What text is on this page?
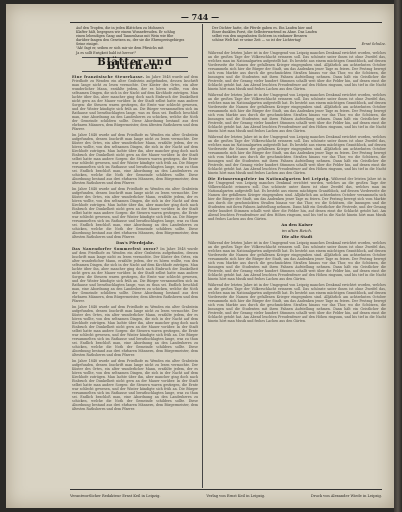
— 744 —
Auf den Tropfen, die in jeden Blättchen zu Mohnen's
Klafter hält, begegnen wir einem Wonnefreuden. Er schlug
einen lebendigen Gang und Tannenhaus mit Wein wie fibe
darüber fangen den Gesetzen zu, der sie die Ehrenpreisgebirges
Seine einigst.
"Ah! fagt er, seiben er sich mir sie dem Pfirsichs mit
Ja es sollt Ewigkeit bald ist hervor!"
Blätter und Blüthen.

Eine französische Steuerkasse. Im Jahre 1848 wurde auf dem Friedhofe zu Wenden ein alter Grabstein aufgefunden, dessen Inschrift man lange nicht zu lesen vermochte. Der Küster des Ortes, ein alter wunderlicher Mann, erzählte jedem, der es hören wollte, von den seltsamen Dingen, die sich in der Nacht auf dem Kirchhofe zutrügen. Man lachte über ihn, aber mancher ging doch nach Einbruch der Dunkelheit nicht gern an der Mauer vorüber. In der Stadt selbst hatte man andere Sorgen: die Steuern waren gestiegen, die Ernte war schlecht gewesen, und der Winter kündigte sich früh an. Die Bürger versammelten sich im Rathause und berathschlagten lange, was zu thun sei. Endlich beschloß man, eine Abordnung an den Landesherrn zu schicken, welche die Noth der Gemeinde schildern sollte. Diese Abordnung bestand aus drei ehrbaren Männern, dem Bürgermeister, dem ältesten Rathsherrn und dem Pfarrer.

Im Jahre 1848 wurde auf dem Friedhofe zu Wenden ein alter Grabstein aufgefunden, dessen Inschrift man lange nicht zu lesen vermochte. Der Küster des Ortes, ein alter wunderlicher Mann, erzählte jedem, der es hören wollte, von den seltsamen Dingen, die sich in der Nacht auf dem Kirchhofe zutrügen. Man lachte über ihn, aber mancher ging doch nach Einbruch der Dunkelheit nicht gern an der Mauer vorüber. In der Stadt selbst hatte man andere Sorgen: die Steuern waren gestiegen, die Ernte war schlecht gewesen, und der Winter kündigte sich früh an. Die Bürger versammelten sich im Rathause und berathschlagten lange, was zu thun sei. Endlich beschloß man, eine Abordnung an den Landesherrn zu schicken, welche die Noth der Gemeinde schildern sollte. Diese Abordnung bestand aus drei ehrbaren Männern, dem Bürgermeister, dem ältesten Rathsherrn und dem Pfarrer.

Im Jahre 1848 wurde auf dem Friedhofe zu Wenden ein alter Grabstein aufgefunden, dessen Inschrift man lange nicht zu lesen vermochte. Der Küster des Ortes, ein alter wunderlicher Mann, erzählte jedem, der es hören wollte, von den seltsamen Dingen, die sich in der Nacht auf dem Kirchhofe zutrügen. Man lachte über ihn, aber mancher ging doch nach Einbruch der Dunkelheit nicht gern an der Mauer vorüber. In der Stadt selbst hatte man andere Sorgen: die Steuern waren gestiegen, die Ernte war schlecht gewesen, und der Winter kündigte sich früh an. Die Bürger versammelten sich im Rathause und berathschlagten lange, was zu thun sei. Endlich beschloß man, eine Abordnung an den Landesherrn zu schicken, welche die Noth der Gemeinde schildern sollte. Diese Abordnung bestand aus drei ehrbaren Männern, dem Bürgermeister, dem ältesten Rathsherrn und dem Pfarrer.

Das's Pferdejahr.

Das Nauendorfer Sommerfest zuvor? Im Jahre 1848 wurde auf dem Friedhofe zu Wenden ein alter Grabstein aufgefunden, dessen Inschrift man lange nicht zu lesen vermochte. Der Küster des Ortes, ein alter wunderlicher Mann, erzählte jedem, der es hören wollte, von den seltsamen Dingen, die sich in der Nacht auf dem Kirchhofe zutrügen. Man lachte über ihn, aber mancher ging doch nach Einbruch der Dunkelheit nicht gern an der Mauer vorüber. In der Stadt selbst hatte man andere Sorgen: die Steuern waren gestiegen, die Ernte war schlecht gewesen, und der Winter kündigte sich früh an. Die Bürger versammelten sich im Rathause und berathschlagten lange, was zu thun sei. Endlich beschloß man, eine Abordnung an den Landesherrn zu schicken, welche die Noth der Gemeinde schildern sollte. Diese Abordnung bestand aus drei ehrbaren Männern, dem Bürgermeister, dem ältesten Rathsherrn und dem Pfarrer.

Im Jahre 1848 wurde auf dem Friedhofe zu Wenden ein alter Grabstein aufgefunden, dessen Inschrift man lange nicht zu lesen vermochte. Der Küster des Ortes, ein alter wunderlicher Mann, erzählte jedem, der es hören wollte, von den seltsamen Dingen, die sich in der Nacht auf dem Kirchhofe zutrügen. Man lachte über ihn, aber mancher ging doch nach Einbruch der Dunkelheit nicht gern an der Mauer vorüber. In der Stadt selbst hatte man andere Sorgen: die Steuern waren gestiegen, die Ernte war schlecht gewesen, und der Winter kündigte sich früh an. Die Bürger versammelten sich im Rathause und berathschlagten lange, was zu thun sei. Endlich beschloß man, eine Abordnung an den Landesherrn zu schicken, welche die Noth der Gemeinde schildern sollte. Diese Abordnung bestand aus drei ehrbaren Männern, dem Bürgermeister, dem ältesten Rathsherrn und dem Pfarrer.

Im Jahre 1848 wurde auf dem Friedhofe zu Wenden ein alter Grabstein aufgefunden, dessen Inschrift man lange nicht zu lesen vermochte. Der Küster des Ortes, ein alter wunderlicher Mann, erzählte jedem, der es hören wollte, von den seltsamen Dingen, die sich in der Nacht auf dem Kirchhofe zutrügen. Man lachte über ihn, aber mancher ging doch nach Einbruch der Dunkelheit nicht gern an der Mauer vorüber. In der Stadt selbst hatte man andere Sorgen: die Steuern waren gestiegen, die Ernte war schlecht gewesen, und der Winter kündigte sich früh an. Die Bürger versammelten sich im Rathause und berathschlagten lange, was zu thun sei. Endlich beschloß man, eine Abordnung an den Landesherrn zu schicken, welche die Noth der Gemeinde schildern sollte. Diese Abordnung bestand aus drei ehrbaren Männern, dem Bürgermeister, dem ältesten Rathsherrn und dem Pfarrer.

Der Dichter hatte, die Pferde gaben es. Ein Laufen hier und
Einer dunklen Forst, die Selbsterwartend zu Ahne. Das Laufen
selbst von den ungeahnten Sichtern in einfamer Bessern
schöne Welt hat er seine Zeit — so ist der Lichtertag!
Ernst Schulze.

Während der letzten Jahre ist in der Umgegend von Leipzig manches Denkmal errichtet worden, welches an die großen Tage der Völkerschlacht erinnern soll. Das schönste unter ihnen ist ohne Zweifel das, welches man im Nationalgarten aufgestellt hat. Es besteht aus einem mächtigen Granitblock, auf dessen Vorderseite die Namen der gefallenen Krieger eingegraben sind. Alljährlich am achtzehnten October versammeln sich hier die Bürger der Stadt, um das Andenken jener Tage zu feiern. Der Festzug bewegt sich vom Markte aus durch die geschmückten Straßen hinaus vor das Thor, wo die Schützen, die Innungen und die Studenten mit ihren Fahnen Aufstellung nehmen. Dann hält ein Geistlicher die Festrede, und der Gesang vieler hundert Stimmen schallt weit über die Felder hin, auf denen einst die Schlacht getobt hat. Am Abend leuchten Freudenfeuer auf den Höhen ringsum, und bis tief in die Nacht hinein hört man Musik und frohes Lachen aus den Gärten.

Während der letzten Jahre ist in der Umgegend von Leipzig manches Denkmal errichtet worden, welches an die großen Tage der Völkerschlacht erinnern soll. Das schönste unter ihnen ist ohne Zweifel das, welches man im Nationalgarten aufgestellt hat. Es besteht aus einem mächtigen Granitblock, auf dessen Vorderseite die Namen der gefallenen Krieger eingegraben sind. Alljährlich am achtzehnten October versammeln sich hier die Bürger der Stadt, um das Andenken jener Tage zu feiern. Der Festzug bewegt sich vom Markte aus durch die geschmückten Straßen hinaus vor das Thor, wo die Schützen, die Innungen und die Studenten mit ihren Fahnen Aufstellung nehmen. Dann hält ein Geistlicher die Festrede, und der Gesang vieler hundert Stimmen schallt weit über die Felder hin, auf denen einst die Schlacht getobt hat. Am Abend leuchten Freudenfeuer auf den Höhen ringsum, und bis tief in die Nacht hinein hört man Musik und frohes Lachen aus den Gärten.

Während der letzten Jahre ist in der Umgegend von Leipzig manches Denkmal errichtet worden, welches an die großen Tage der Völkerschlacht erinnern soll. Das schönste unter ihnen ist ohne Zweifel das, welches man im Nationalgarten aufgestellt hat. Es besteht aus einem mächtigen Granitblock, auf dessen Vorderseite die Namen der gefallenen Krieger eingegraben sind. Alljährlich am achtzehnten October versammeln sich hier die Bürger der Stadt, um das Andenken jener Tage zu feiern. Der Festzug bewegt sich vom Markte aus durch die geschmückten Straßen hinaus vor das Thor, wo die Schützen, die Innungen und die Studenten mit ihren Fahnen Aufstellung nehmen. Dann hält ein Geistlicher die Festrede, und der Gesang vieler hundert Stimmen schallt weit über die Felder hin, auf denen einst die Schlacht getobt hat. Am Abend leuchten Freudenfeuer auf den Höhen ringsum, und bis tief in die Nacht hinein hört man Musik und frohes Lachen aus den Gärten.

Die Erinnerungsfeier im Nationalgarten bei Leipzig. Während der letzten Jahre ist in der Umgegend von Leipzig manches Denkmal errichtet worden, welches an die großen Tage der Völkerschlacht erinnern soll. Das schönste unter ihnen ist ohne Zweifel das, welches man im Nationalgarten aufgestellt hat. Es besteht aus einem mächtigen Granitblock, auf dessen Vorderseite die Namen der gefallenen Krieger eingegraben sind. Alljährlich am achtzehnten October versammeln sich hier die Bürger der Stadt, um das Andenken jener Tage zu feiern. Der Festzug bewegt sich vom Markte aus durch die geschmückten Straßen hinaus vor das Thor, wo die Schützen, die Innungen und die Studenten mit ihren Fahnen Aufstellung nehmen. Dann hält ein Geistlicher die Festrede, und der Gesang vieler hundert Stimmen schallt weit über die Felder hin, auf denen einst die Schlacht getobt hat. Am Abend leuchten Freudenfeuer auf den Höhen ringsum, und bis tief in die Nacht hinein hört man Musik und frohes Lachen aus den Gärten.

An den Kaiser
im alten Reich.
Die alte Stadt

Während der letzten Jahre ist in der Umgegend von Leipzig manches Denkmal errichtet worden, welches an die großen Tage der Völkerschlacht erinnern soll. Das schönste unter ihnen ist ohne Zweifel das, welches man im Nationalgarten aufgestellt hat. Es besteht aus einem mächtigen Granitblock, auf dessen Vorderseite die Namen der gefallenen Krieger eingegraben sind. Alljährlich am achtzehnten October versammeln sich hier die Bürger der Stadt, um das Andenken jener Tage zu feiern. Der Festzug bewegt sich vom Markte aus durch die geschmückten Straßen hinaus vor das Thor, wo die Schützen, die Innungen und die Studenten mit ihren Fahnen Aufstellung nehmen. Dann hält ein Geistlicher die Festrede, und der Gesang vieler hundert Stimmen schallt weit über die Felder hin, auf denen einst die Schlacht getobt hat. Am Abend leuchten Freudenfeuer auf den Höhen ringsum, und bis tief in die Nacht hinein hört man Musik und frohes Lachen aus den Gärten.

Während der letzten Jahre ist in der Umgegend von Leipzig manches Denkmal errichtet worden, welches an die großen Tage der Völkerschlacht erinnern soll. Das schönste unter ihnen ist ohne Zweifel das, welches man im Nationalgarten aufgestellt hat. Es besteht aus einem mächtigen Granitblock, auf dessen Vorderseite die Namen der gefallenen Krieger eingegraben sind. Alljährlich am achtzehnten October versammeln sich hier die Bürger der Stadt, um das Andenken jener Tage zu feiern. Der Festzug bewegt sich vom Markte aus durch die geschmückten Straßen hinaus vor das Thor, wo die Schützen, die Innungen und die Studenten mit ihren Fahnen Aufstellung nehmen. Dann hält ein Geistlicher die Festrede, und der Gesang vieler hundert Stimmen schallt weit über die Felder hin, auf denen einst die Schlacht getobt hat. Am Abend leuchten Freudenfeuer auf den Höhen ringsum, und bis tief in die Nacht hinein hört man Musik und frohes Lachen aus den Gärten.

Verantwortlicher Redakteur Ernst Keil in Leipzig.	Verlag von Ernst Keil in Leipzig.	Druck von Alexander Wiede in Leipzig.
